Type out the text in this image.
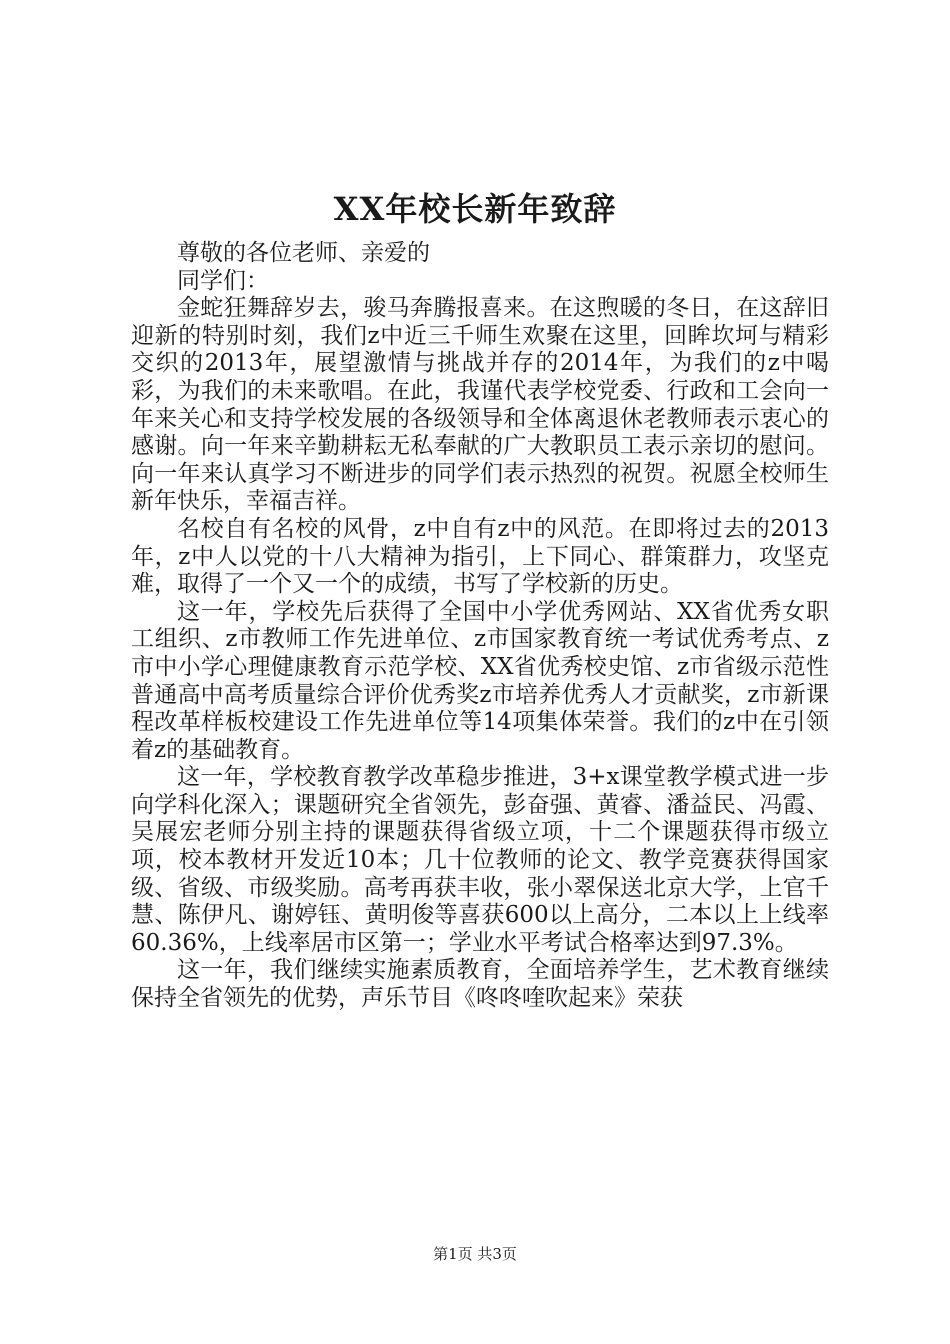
XX年校长新年致辞

尊敬的各位老师、亲爱的

同学们：

金蛇狂舞辞岁去，骏马奔腾报喜来。在这煦暖的冬日，在这辞旧迎新的特别时刻，我们z中近三千师生欢聚在这里，回眸坎坷与精彩交织的2013年，展望激情与挑战并存的2014年，为我们的z中喝彩，为我们的未来歌唱。在此，我谨代表学校党委、行政和工会向一年来关心和支持学校发展的各级领导和全体离退休老教师表示衷心的感谢。向一年来辛勤耕耘无私奉献的广大教职员工表示亲切的慰问。向一年来认真学习不断进步的同学们表示热烈的祝贺。祝愿全校师生新年快乐，幸福吉祥。

名校自有名校的风骨，z中自有z中的风范。在即将过去的2013年，z中人以党的十八大精神为指引，上下同心、群策群力，攻坚克难，取得了一个又一个的成绩，书写了学校新的历史。

这一年，学校先后获得了全国中小学优秀网站、XX省优秀女职工组织、z市教师工作先进单位、z市国家教育统一考试优秀考点、z市中小学心理健康教育示范学校、XX省优秀校史馆、z市省级示范性普通高中高考质量综合评价优秀奖z市培养优秀人才贡献奖，z市新课程改革样板校建设工作先进单位等14项集体荣誉。我们的z中在引领着z的基础教育。

这一年，学校教育教学改革稳步推进，3+x课堂教学模式进一步向学科化深入；课题研究全省领先，彭奋强、黄睿、潘益民、冯霞、吴展宏老师分别主持的课题获得省级立项，十二个课题获得市级立项，校本教材开发近10本；几十位教师的论文、教学竞赛获得国家级、省级、市级奖励。高考再获丰收，张小翠保送北京大学，上官千慧、陈伊凡、谢婷钰、黄明俊等喜获600以上高分，二本以上上线率60.36%，上线率居市区第一；学业水平考试合格率达到97.3%。

这一年，我们继续实施素质教育，全面培养学生，艺术教育继续保持全省领先的优势，声乐节目《咚咚喹吹起来》荣获

第1页 共3页
